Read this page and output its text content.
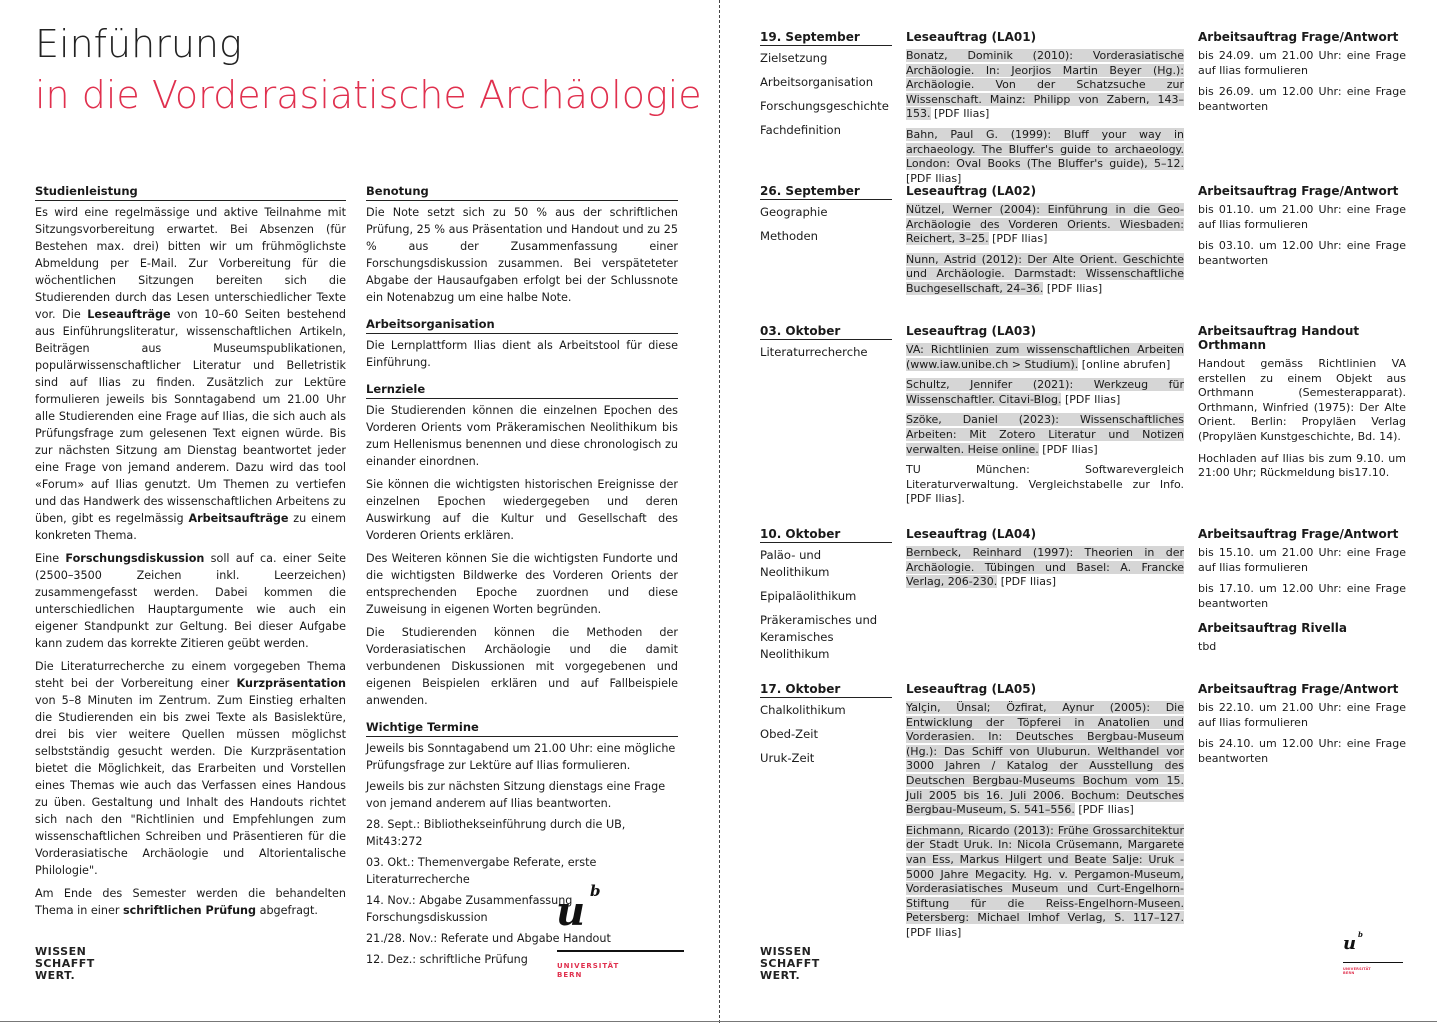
Einführung
in die Vorderasiatische Archäologie
Studienleistung

Es wird eine regelmässige und aktive Teilnahme mit Sitzungsvorbereitung erwartet. Bei Absenzen (für Bestehen max. drei) bitten wir um frühmöglichste Abmeldung per E-Mail. Zur Vorbereitung für die wöchentlichen Sitzungen bereiten sich die Studierenden durch das Lesen unterschiedlicher Texte vor. Die Leseaufträge von 10–60 Seiten bestehend aus Einführungsliteratur, wissenschaftlichen Artikeln, Beiträgen aus Museumspublikationen, populärwissenschaftlicher Literatur und Belletristik sind auf Ilias zu finden. Zusätzlich zur Lektüre formulieren jeweils bis Sonntagabend um 21.00 Uhr alle Studierenden eine Frage auf Ilias, die sich auch als Prüfungsfrage zum gelesenen Text eignen würde. Bis zur nächsten Sitzung am Dienstag beantwortet jeder eine Frage von jemand anderem. Dazu wird das tool «Forum» auf Ilias genutzt. Um Themen zu vertiefen und das Handwerk des wissenschaftlichen Arbeitens zu üben, gibt es regelmässig Arbeitsaufträge zu einem konkreten Thema.

Eine Forschungsdiskussion soll auf ca. einer Seite (2500–3500 Zeichen inkl. Leerzeichen) zusammengefasst werden. Dabei kommen die unterschiedlichen Hauptargumente wie auch ein eigener Standpunkt zur Geltung. Bei dieser Aufgabe kann zudem das korrekte Zitieren geübt werden.

Die Literaturrecherche zu einem vorgegeben Thema steht bei der Vorbereitung einer Kurzpräsentation von 5–8 Minuten im Zentrum. Zum Einstieg erhalten die Studierenden ein bis zwei Texte als Basislektüre, drei bis vier weitere Quellen müssen möglichst selbstständig gesucht werden. Die Kurzpräsentation bietet die Möglichkeit, das Erarbeiten und Vorstellen eines Themas wie auch das Verfassen eines Handous zu üben. Gestaltung und Inhalt des Handouts richtet sich nach den "Richtlinien und Empfehlungen zum wissenschaftlichen Schreiben und Präsentieren für die Vorderasiatische Archäologie und Altorientalische Philologie".

Am Ende des Semester werden die behandelten Thema in einer schriftlichen Prüfung abgefragt.

Benotung

Die Note setzt sich zu 50 % aus der schriftlichen Prüfung, 25 % aus Präsentation und Handout und zu 25 % aus der Zusammenfassung einer Forschungsdiskussion zusammen. Bei verspäteteter Abgabe der Hausaufgaben erfolgt bei der Schlussnote ein Notenabzug um eine halbe Note.

Arbeitsorganisation

Die Lernplattform Ilias dient als Arbeitstool für diese Einführung.

Lernziele

Die Studierenden können die einzelnen Epochen des Vorderen Orients vom Präkeramischen Neolithikum bis zum Hellenismus benennen und diese chronologisch zu einander einordnen.

Sie können die wichtigsten historischen Ereignisse der einzelnen Epochen wiedergegeben und deren Auswirkung auf die Kultur und Gesellschaft des Vorderen Orients erklären.

Des Weiteren können Sie die wichtigsten Fundorte und die wichtigsten Bildwerke des Vorderen Orients der entsprechenden Epoche zuordnen und diese Zuweisung in eigenen Worten begründen.

Die Studierenden können die Methoden der Vorderasiatischen Archäologie und die damit verbundenen Diskussionen mit vorgegebenen und eigenen Beispielen erklären und auf Fallbeispiele anwenden.

Wichtige Termine

Jeweils bis Sonntagabend um 21.00 Uhr: eine mögliche Prüfungsfrage zur Lektüre auf Ilias formulieren.

Jeweils bis zur nächsten Sitzung dienstags eine Frage von jemand anderem auf Ilias beantworten.

28. Sept.: Bibliothekseinführung durch die UB, Mit43:272

03. Okt.: Themenvergabe Referate, erste Literaturrecherche

14. Nov.: Abgabe Zusammenfassung Forschungsdiskussion

21./28. Nov.: Referate und Abgabe Handout

12. Dez.: schriftliche Prüfung

u b
UNIVERSITÄT
BERN
WISSEN
SCHAFFT
WERT.
19. September
Zielsetzung
Arbeitsorganisation
Forschungsgeschichte
Fachdefinition
Leseauftrag (LA01)
Bonatz, Dominik (2010): Vorderasiatische Archäologie. In: Jeorjios Martin Beyer (Hg.): Archäologie. Von der Schatzsuche zur Wissenschaft. Mainz: Philipp von Zabern, 143–153. [PDF Ilias]
Bahn, Paul G. (1999): Bluff your way in archaeology. The Bluffer's guide to archaeology. London: Oval Books (The Bluffer's guide), 5–12. [PDF Ilias]
Arbeitsauftrag Frage/Antwort
bis 24.09. um 21.00 Uhr: eine Frage auf Ilias formulieren
bis 26.09. um 12.00 Uhr: eine Frage beantworten
26. September
Geographie
Methoden
Leseauftrag (LA02)
Nützel, Werner (2004): Einführung in die Geo-Archäologie des Vorderen Orients. Wiesbaden: Reichert, 3–25. [PDF Ilias]
Nunn, Astrid (2012): Der Alte Orient. Geschichte und Archäologie. Darmstadt: Wissenschaftliche Buchgesellschaft, 24–36. [PDF Ilias]
Arbeitsauftrag Frage/Antwort
bis 01.10. um 21.00 Uhr: eine Frage auf Ilias formulieren
bis 03.10. um 12.00 Uhr: eine Frage beantworten
03. Oktober
Literaturrecherche
Leseauftrag (LA03)
VA: Richtlinien zum wissenschaftlichen Arbeiten (www.iaw.unibe.ch > Studium). [online abrufen]
Schultz, Jennifer (2021): Werkzeug für Wissenschaftler. Citavi-Blog. [PDF Ilias]
Szöke, Daniel (2023): Wissenschaftliches Arbeiten: Mit Zotero Literatur und Notizen verwalten. Heise online. [PDF Ilias]
TU München: Softwarevergleich Literaturverwaltung. Vergleichstabelle zur Info. [PDF Ilias].
Arbeitsauftrag Handout Orthmann
Handout gemäss Richtlinien VA erstellen zu einem Objekt aus Orthmann (Semesterapparat). Orthmann, Winfried (1975): Der Alte Orient. Berlin: Propyläen Verlag (Propyläen Kunstgeschichte, Bd. 14).
Hochladen auf Ilias bis zum 9.10. um 21:00 Uhr; Rückmeldung bis17.10.
10. Oktober
Paläo- und Neolithikum
Epipaläolithikum
Präkeramisches und Keramisches Neolithikum
Leseauftrag (LA04)
Bernbeck, Reinhard (1997): Theorien in der Archäologie. Tübingen und Basel: A. Francke Verlag, 206-230. [PDF Ilias]
Arbeitsauftrag Frage/Antwort
bis 15.10. um 21.00 Uhr: eine Frage auf Ilias formulieren
bis 17.10. um 12.00 Uhr: eine Frage beantworten
Arbeitsauftrag Rivella
tbd
17. Oktober
Chalkolithikum
Obed-Zeit
Uruk-Zeit
Leseauftrag (LA05)
Yalçin, Ünsal; Özfirat, Aynur (2005): Die Entwicklung der Töpferei in Anatolien und Vorderasien. In: Deutsches Bergbau-Museum (Hg.): Das Schiff von Uluburun. Welthandel vor 3000 Jahren / Katalog der Ausstellung des Deutschen Bergbau-Museums Bochum vom 15. Juli 2005 bis 16. Juli 2006. Bochum: Deutsches Bergbau-Museum, S. 541–556. [PDF Ilias]
Eichmann, Ricardo (2013): Frühe Grossarchitektur der Stadt Uruk. In: Nicola Crüsemann, Margarete van Ess, Markus Hilgert und Beate Salje: Uruk - 5000 Jahre Megacity. Hg. v. Pergamon-Museum, Vorderasiatisches Museum und Curt-Engelhorn-Stiftung für die Reiss-Engelhorn-Museen. Petersberg: Michael Imhof Verlag, S. 117–127. [PDF Ilias]
Arbeitsauftrag Frage/Antwort
bis 22.10. um 21.00 Uhr: eine Frage auf Ilias formulieren
bis 24.10. um 12.00 Uhr: eine Frage beantworten
WISSEN
SCHAFFT
WERT.
u b
UNIVERSITÄT
BERN
